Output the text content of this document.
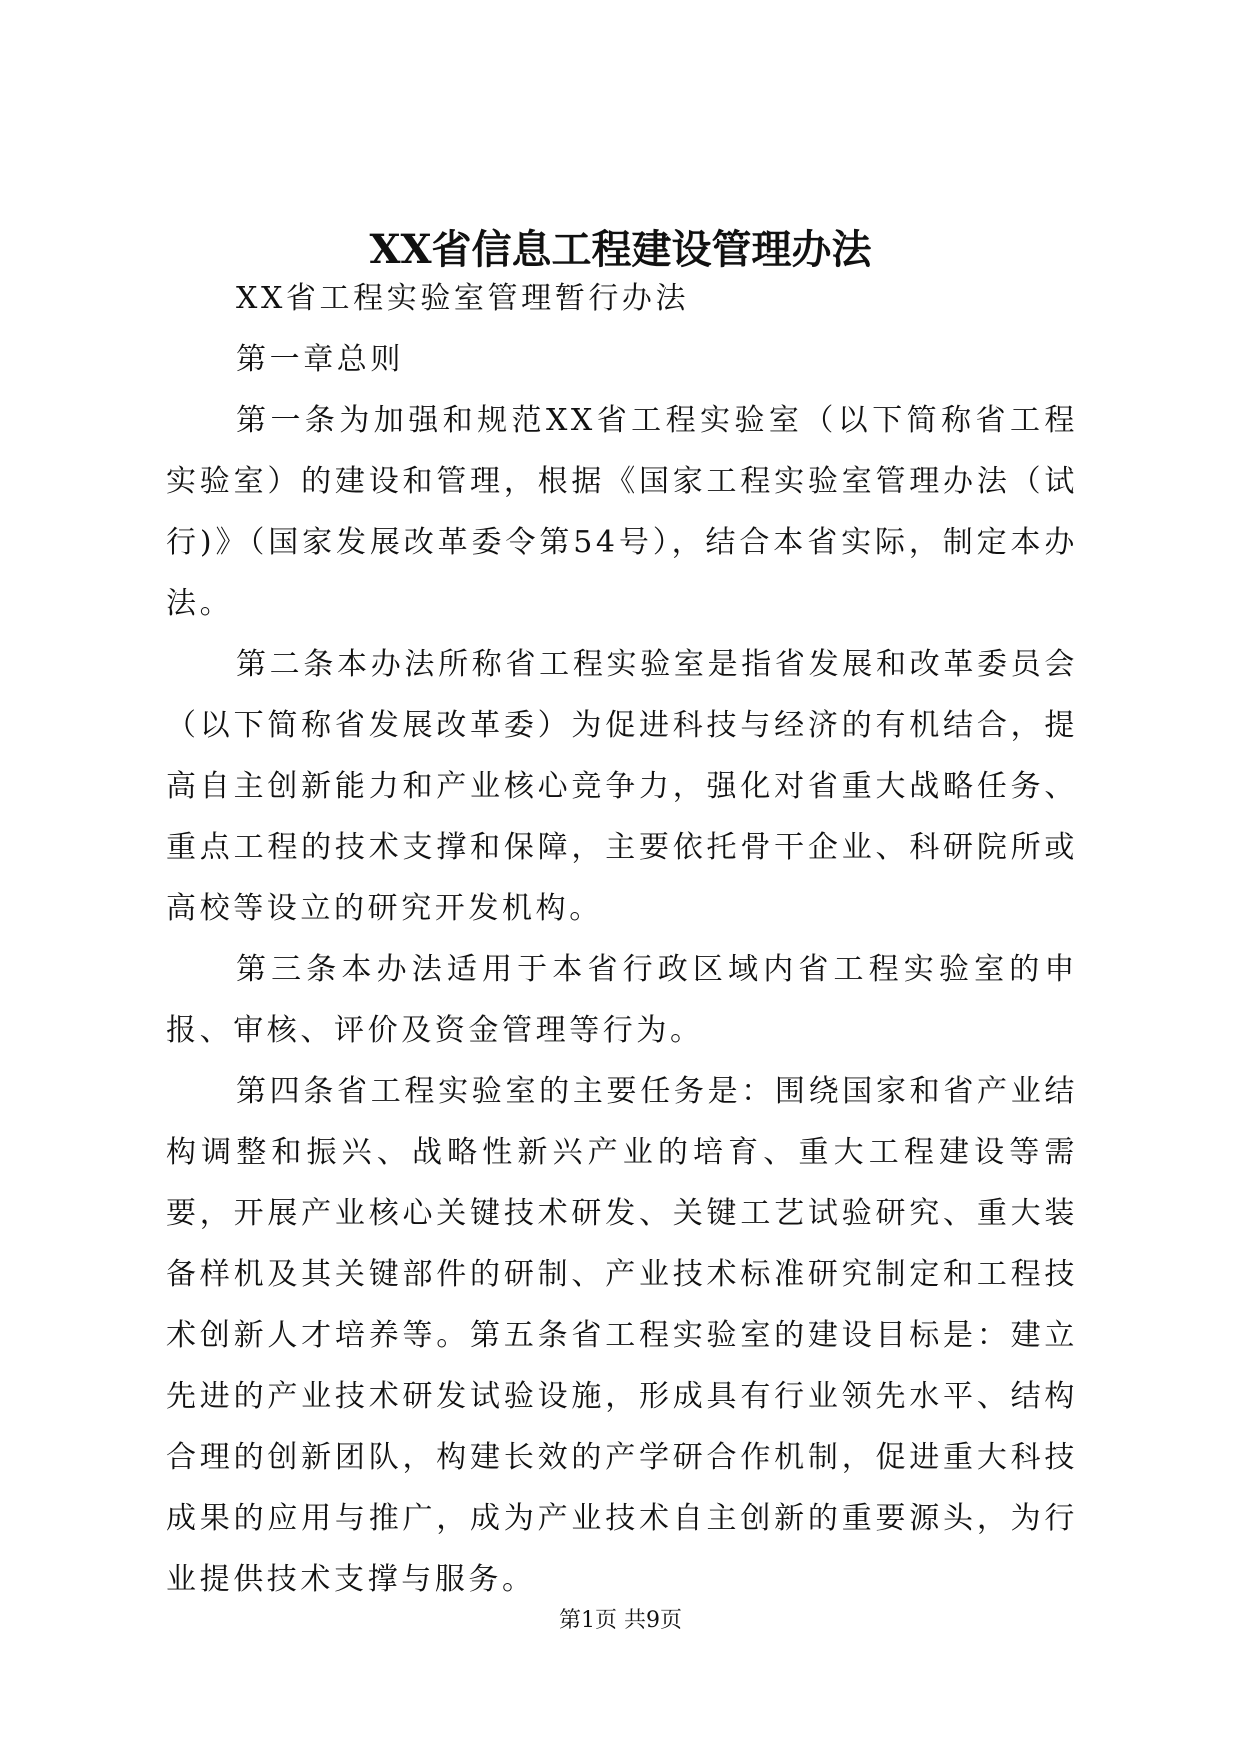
XX省信息工程建设管理办法

XX省工程实验室管理暂行办法

第一章总则

第一条为加强和规范XX省工程实验室（以下简称省工程实验室）的建设和管理，根据《国家工程实验室管理办法（试行)》（国家发展改革委令第54号），结合本省实际，制定本办法。

第二条本办法所称省工程实验室是指省发展和改革委员会（以下简称省发展改革委）为促进科技与经济的有机结合，提高自主创新能力和产业核心竞争力，强化对省重大战略任务、重点工程的技术支撑和保障，主要依托骨干企业、科研院所或高校等设立的研究开发机构。

第三条本办法适用于本省行政区域内省工程实验室的申报、审核、评价及资金管理等行为。

第四条省工程实验室的主要任务是：围绕国家和省产业结构调整和振兴、战略性新兴产业的培育、重大工程建设等需要，开展产业核心关键技术研发、关键工艺试验研究、重大装备样机及其关键部件的研制、产业技术标准研究制定和工程技术创新人才培养等。第五条省工程实验室的建设目标是：建立先进的产业技术研发试验设施，形成具有行业领先水平、结构合理的创新团队，构建长效的产学研合作机制，促进重大科技成果的应用与推广，成为产业技术自主创新的重要源头，为行业提供技术支撑与服务。

第1页 共9页
